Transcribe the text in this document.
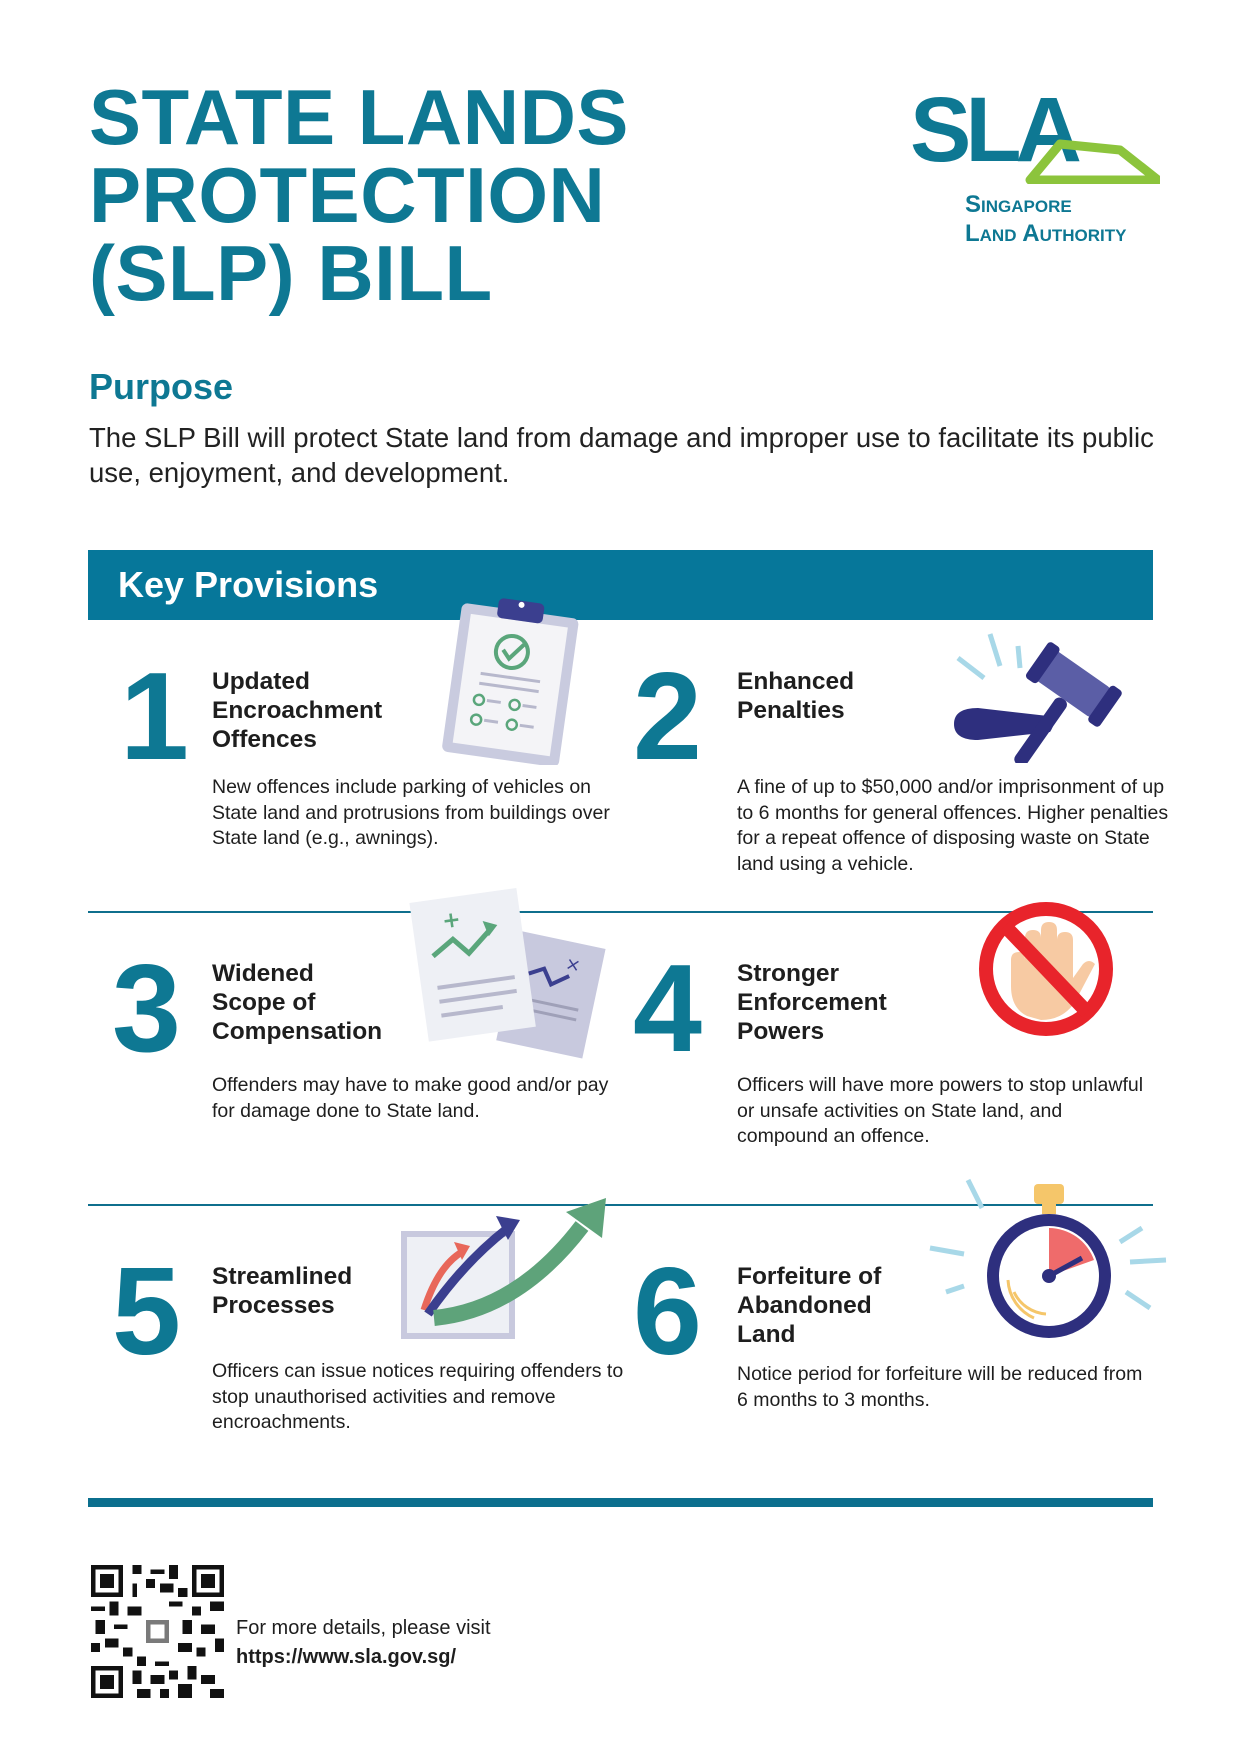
STATE LANDS
PROTECTION
(SLP) BILL
SLA
Singapore
Land Authority
Purpose

The SLP Bill will protect State land from damage and improper use to facilitate its public use, enjoyment, and development.

Key Provisions
1 Updated
Encroachment
Offences

New offences include parking of vehicles on State land and protrusions from buildings over State land (e.g., awnings).

2 Enhanced
Penalties

A fine of up to $50,000 and/or imprisonment of up to 6 months for general offences. Higher penalties for a repeat offence of disposing waste on State land using a vehicle.

3 Widened
Scope of
Compensation
×
+

Offenders may have to make good and/or pay for damage done to State land.

4 Stronger
Enforcement
Powers

Officers will have more powers to stop unlawful or unsafe activities on State land, and compound an offence.

5 Streamlined
Processes

Officers can issue notices requiring offenders to stop unauthorised activities and remove encroachments.

6 Forfeiture of
Abandoned
Land

Notice period for forfeiture will be reduced from 6 months to 3 months.

For more details, please visit
https://www.sla.gov.sg/
